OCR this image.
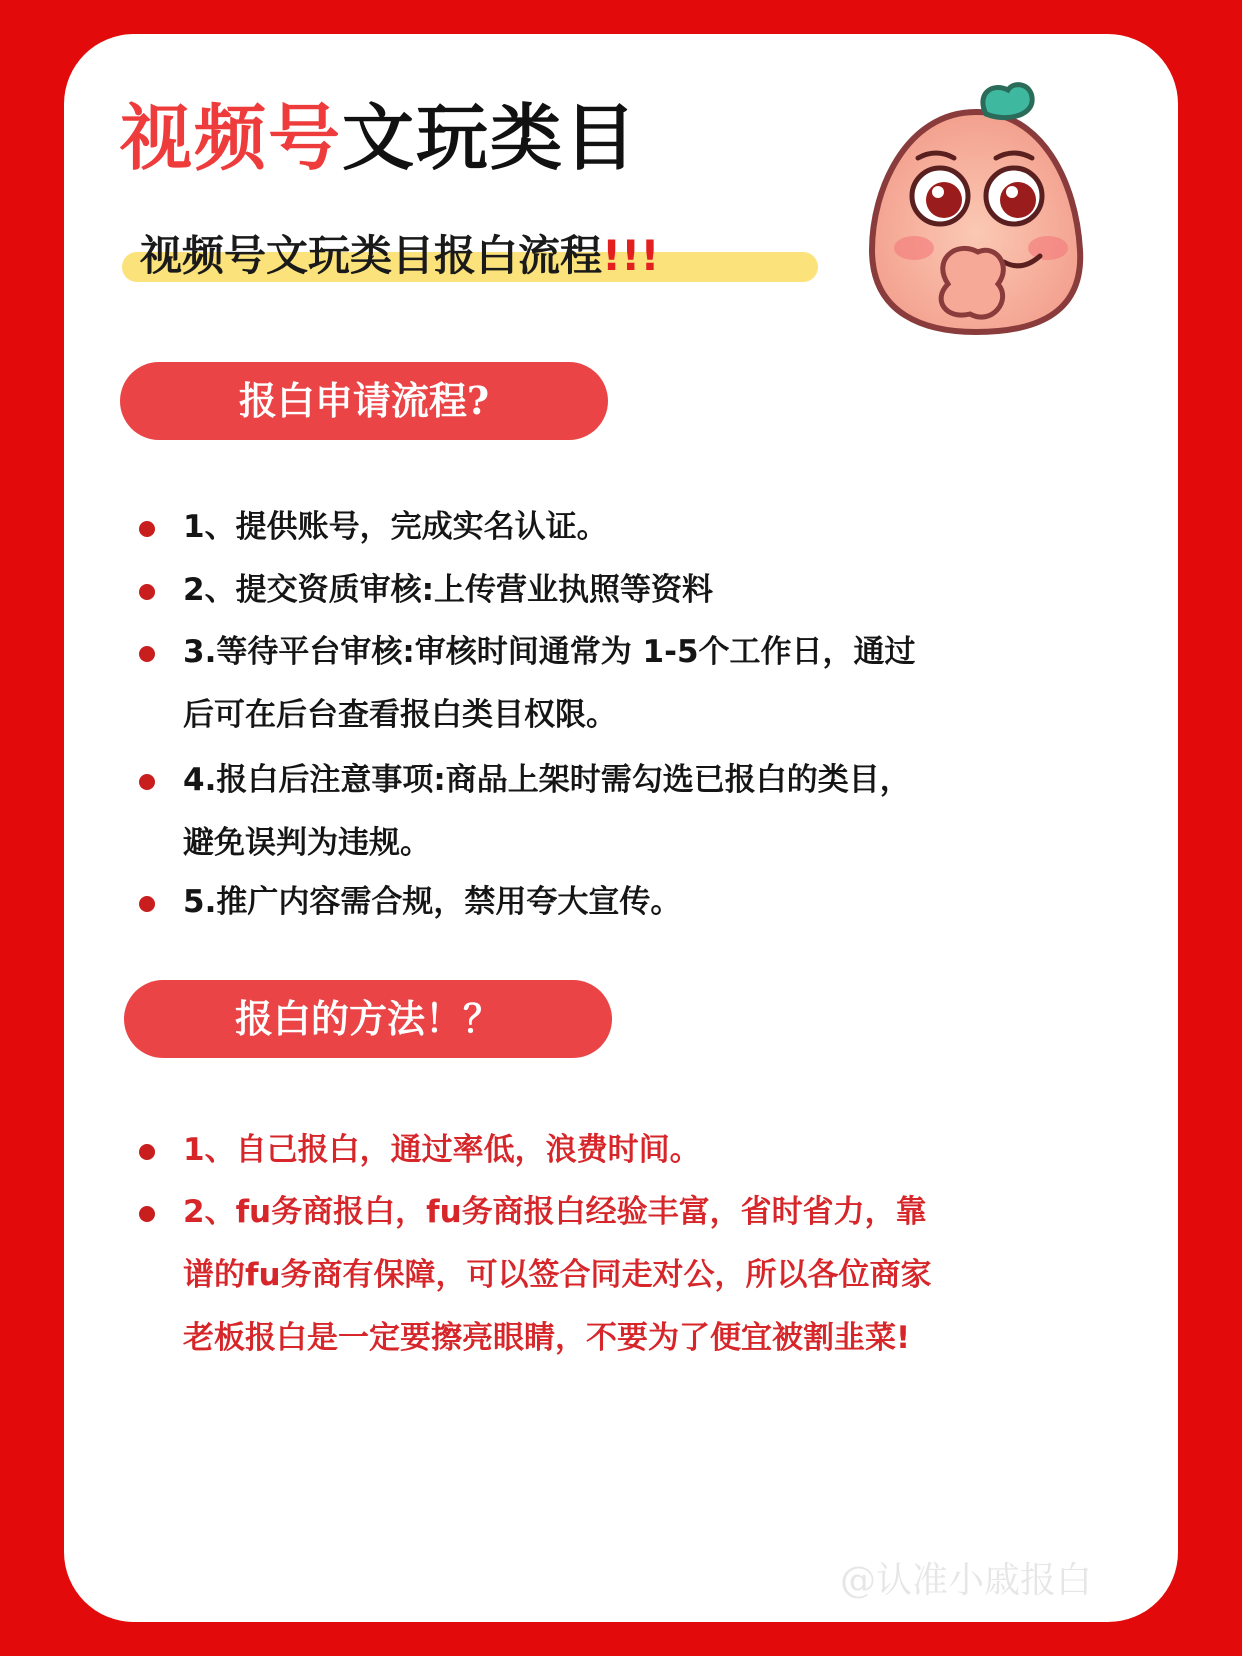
视频号文玩类目
视频号文玩类目报白流程!!!
报白申请流程?
1、提供账号，完成实名认证。
2、提交资质审核:上传营业执照等资料
3.等待平台审核:审核时间通常为 1-5个工作日，通过
后可在后台查看报白类目权限。
4.报白后注意事项:商品上架时需勾选已报白的类目，
避免误判为违规。
5.推广内容需合规，禁用夸大宣传。
报白的方法！？
1、自己报白，通过率低，浪费时间。
2、fu务商报白，fu务商报白经验丰富，省时省力，靠
谱的fu务商有保障，可以签合同走对公，所以各位商家
老板报白是一定要擦亮眼睛，不要为了便宜被割韭菜!
@认准小戚报白
